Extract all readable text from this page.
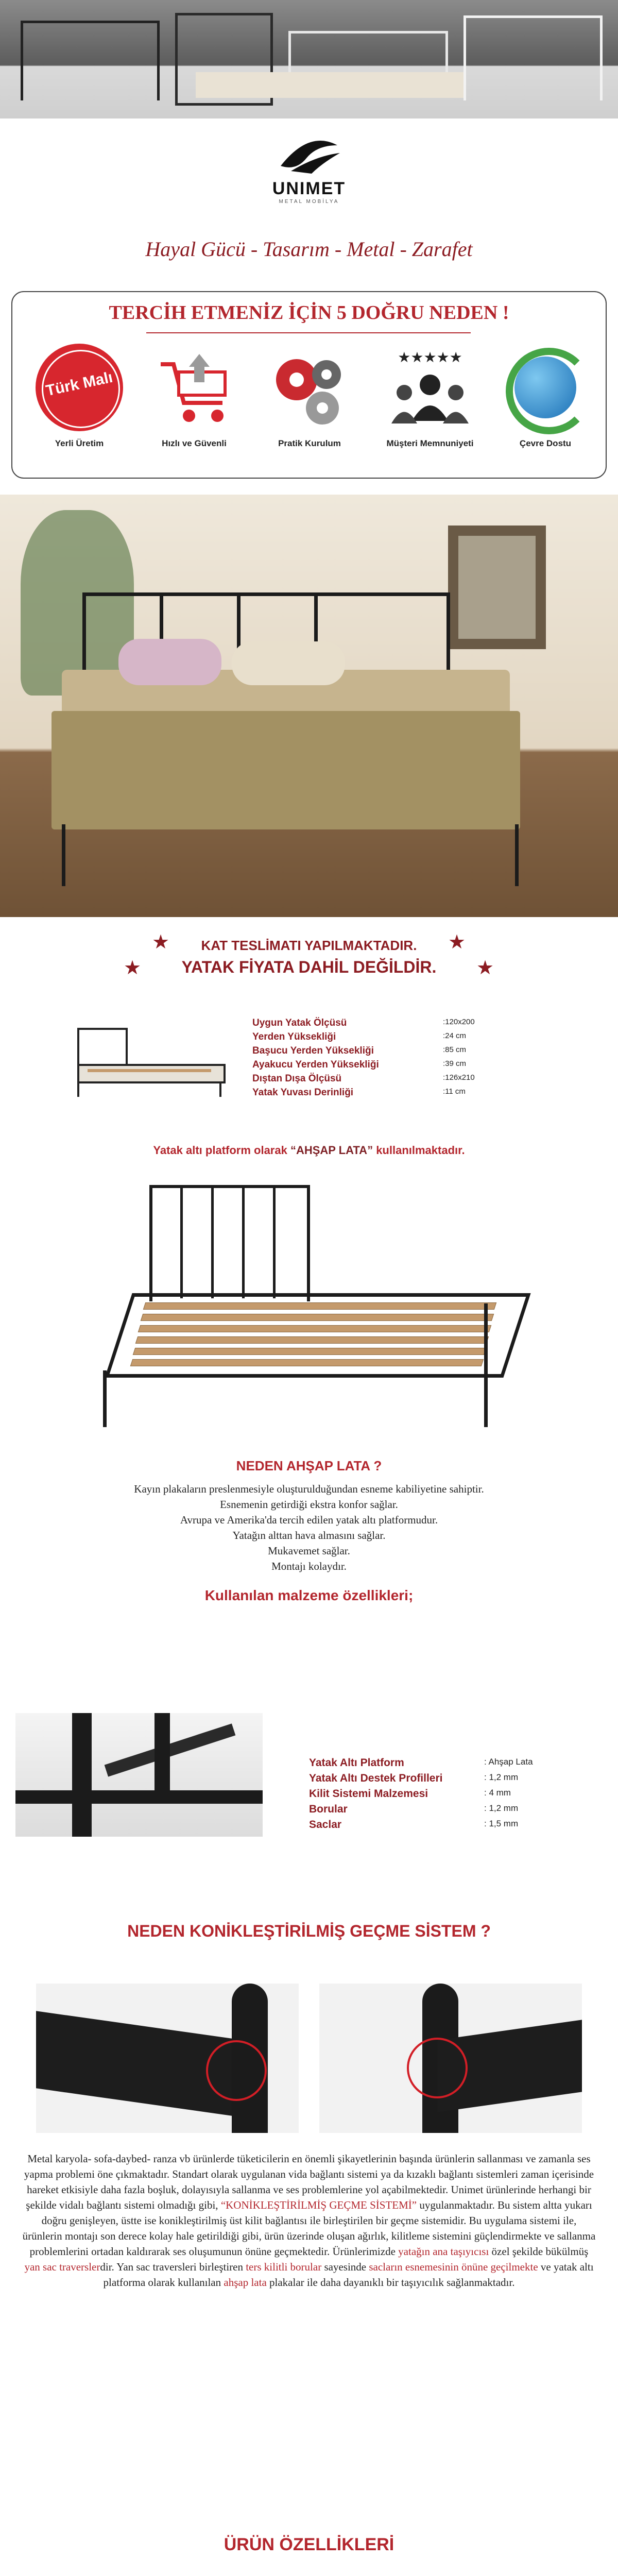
UNIMET
METAL MOBİLYA
Hayal Gücü - Tasarım - Metal - Zarafet
TERCİH ETMENİZ İÇİN 5 DOĞRU NEDEN !
Türk Malı
Yerli Üretim	Hızlı ve Güvenli	Pratik Kurulum
★★★★★
Müşteri Memnuniyeti	Çevre Dostu
★
★
★
★
KAT TESLİMATI YAPILMAKTADIR.
YATAK FİYATA DAHİL DEĞİLDİR.
Uygun Yatak Ölçüsü	:120x200
Yerden Yüksekliği	:24 cm
Başucu Yerden Yüksekliği	:85 cm
Ayakucu Yerden Yüksekliği	:39 cm
Dıştan Dışa Ölçüsü	:126x210
Yatak Yuvası Derinliği	:11 cm
Yatak altı platform olarak “AHŞAP LATA” kullanılmaktadır.
NEDEN AHŞAP LATA ?
Kayın plakaların preslenmesiyle oluşturulduğundan esneme kabiliyetine sahiptir.
Esnemenin getirdiği ekstra konfor sağlar.
Avrupa ve Amerika'da tercih edilen yatak altı platformudur.
Yatağın alttan hava almasını sağlar.
Mukavemet sağlar.
Montajı kolaydır.
Kullanılan malzeme özellikleri;
Yatak Altı Platform	: Ahşap Lata
Yatak Altı Destek Profilleri	: 1,2 mm
Kilit Sistemi Malzemesi	: 4 mm
Borular	: 1,2 mm
Saclar	: 1,5 mm
NEDEN KONİKLEŞTİRİLMİŞ GEÇME SİSTEM ?
Metal karyola- sofa-daybed- ranza vb ürünlerde tüketicilerin en önemli şikayetlerinin başında ürünlerin sallanması ve zamanla ses yapma problemi öne çıkmaktadır. Standart olarak uygulanan vida bağlantı sistemi ya da kızaklı bağlantı sistemleri zaman içerisinde hareket etkisiyle daha fazla boşluk, dolayısıyla sallanma ve ses problemlerine yol açabilmektedir. Unimet ürünlerinde herhangi bir şekilde vidalı bağlantı sistemi olmadığı gibi, “KONİKLEŞTİRİLMİŞ GEÇME SİSTEMİ” uygulanmaktadır. Bu sistem altta yukarı doğru genişleyen, üstte ise konikleştirilmiş üst kilit bağlantısı ile birleştirilen bir geçme sistemidir. Bu uygulama sistemi ile, ürünlerin montajı son derece kolay hale getirildiği gibi, ürün üzerinde oluşan ağırlık, kilitleme sistemini güçlendirmekte ve sallanma problemlerini ortadan kaldırarak ses oluşumunun önüne geçmektedir. Ürünlerimizde yatağın ana taşıyıcısı özel şekilde bükülmüş yan sac traverslerdir. Yan sac traversleri birleştiren ters kilitli borular sayesinde sacların esnemesinin önüne geçilmekte ve yatak altı platforma olarak kullanılan ahşap lata plakalar ile daha dayanıklı bir taşıyıcılık sağlanmaktadır.
ÜRÜN ÖZELLİKLERİ
